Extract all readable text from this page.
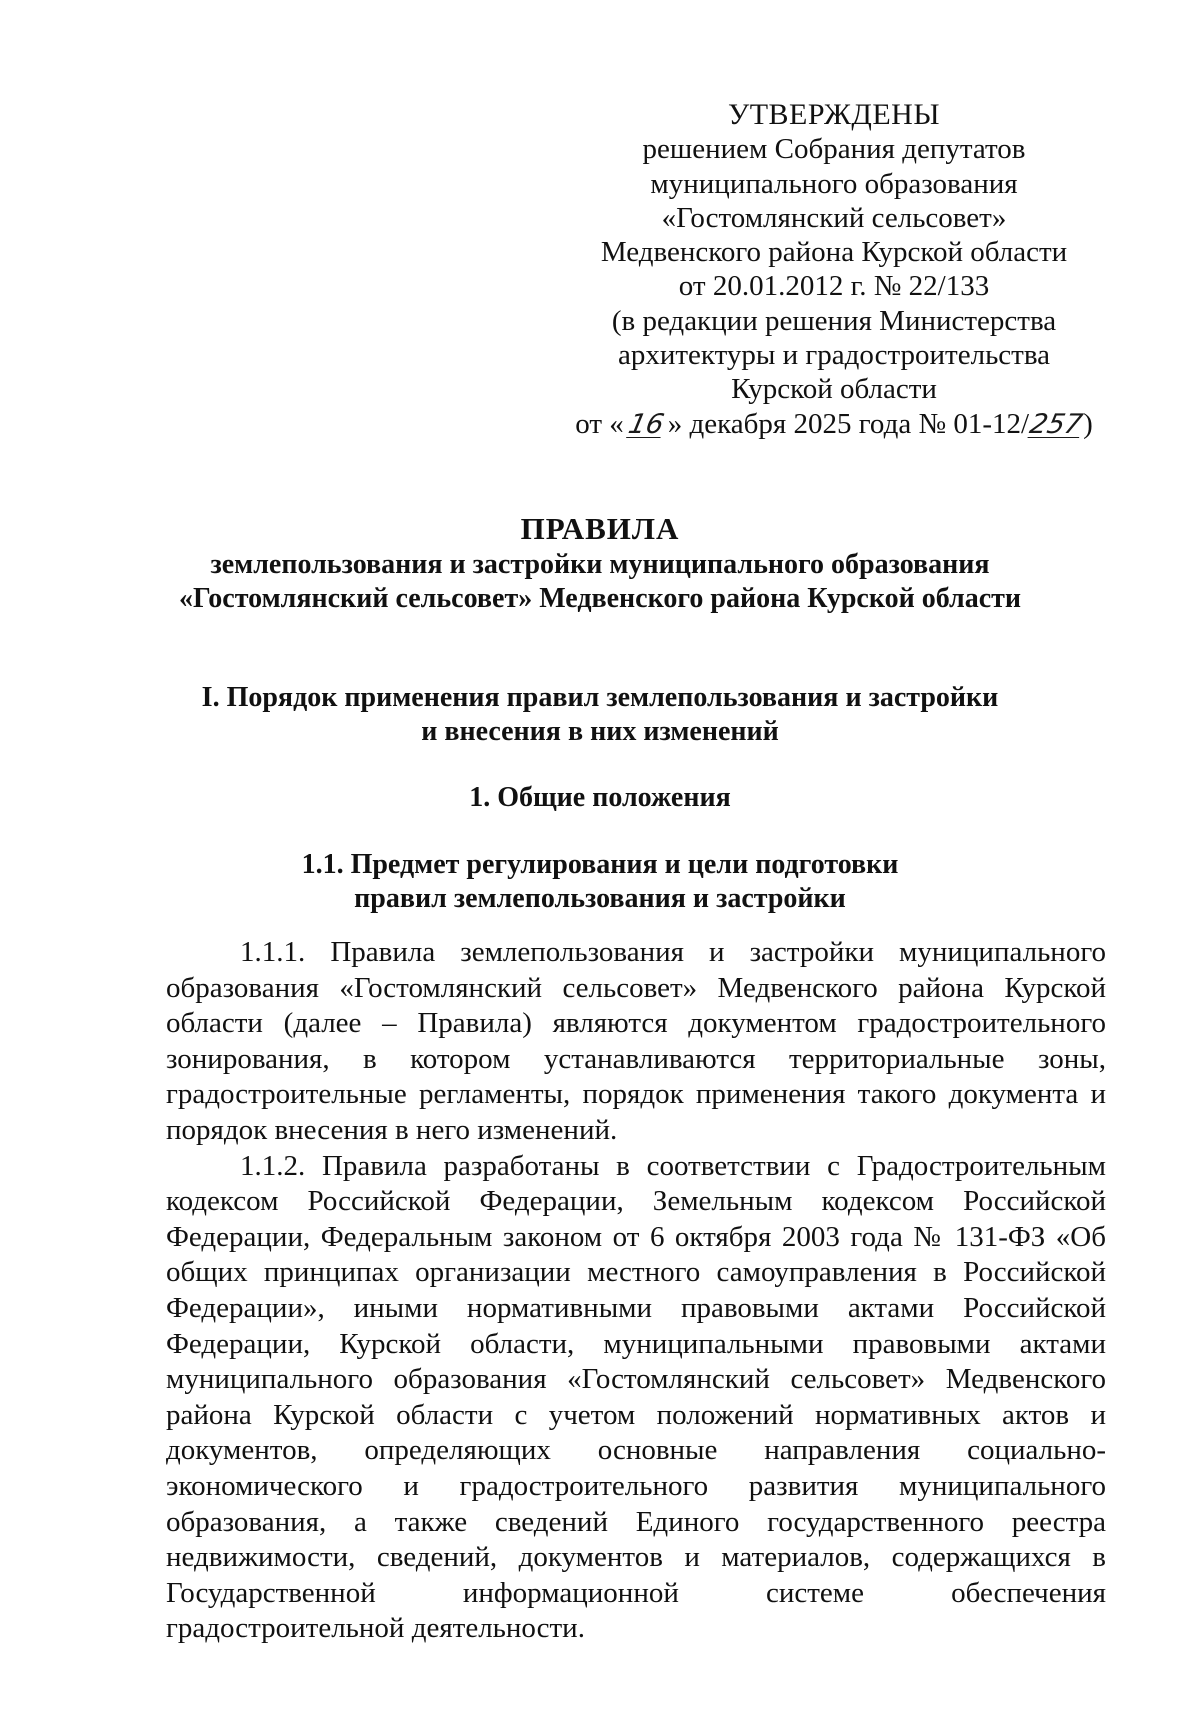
УТВЕРЖДЕНЫ
решением Собрания депутатов
муниципального образования
«Гостомлянский сельсовет»
Медвенского района Курской области
от 20.01.2012 г. № 22/133
(в редакции решения Министерства
архитектуры и градостроительства
Курской области
от «16» декабря 2025 года № 01-12/257)
ПРАВИЛА
землепользования и застройки муниципального образования
«Гостомлянский сельсовет» Медвенского района Курской области
I. Порядок применения правил землепользования и застройки
и внесения в них изменений
1. Общие положения
1.1. Предмет регулирования и цели подготовки
правил землепользования и застройки

1.1.1. Правила землепользования и застройки муниципального образования «Гостомлянский сельсовет» Медвенского района Курской области (далее – Правила) являются документом градостроительного зонирования, в котором устанавливаются территориальные зоны, градостроительные регламенты, порядок применения такого документа и порядок внесения в него изменений.

1.1.2. Правила разработаны в соответствии с Градостроительным кодексом Российской Федерации, Земельным кодексом Российской Федерации, Федеральным законом от 6 октября 2003 года № 131-ФЗ «Об общих принципах организации местного самоуправления в Российской Федерации», иными нормативными правовыми актами Российской Федерации, Курской области, муниципальными правовыми актами муниципального образования «Гостомлянский сельсовет» Медвенского района Курской области с учетом положений нормативных актов и документов, определяющих основные направления социально-экономического и градостроительного развития муниципального образования, а также сведений Единого государственного реестра недвижимости, сведений, документов и материалов, содержащихся в Государственной информационной системе обеспечения градостроительной деятельности.
